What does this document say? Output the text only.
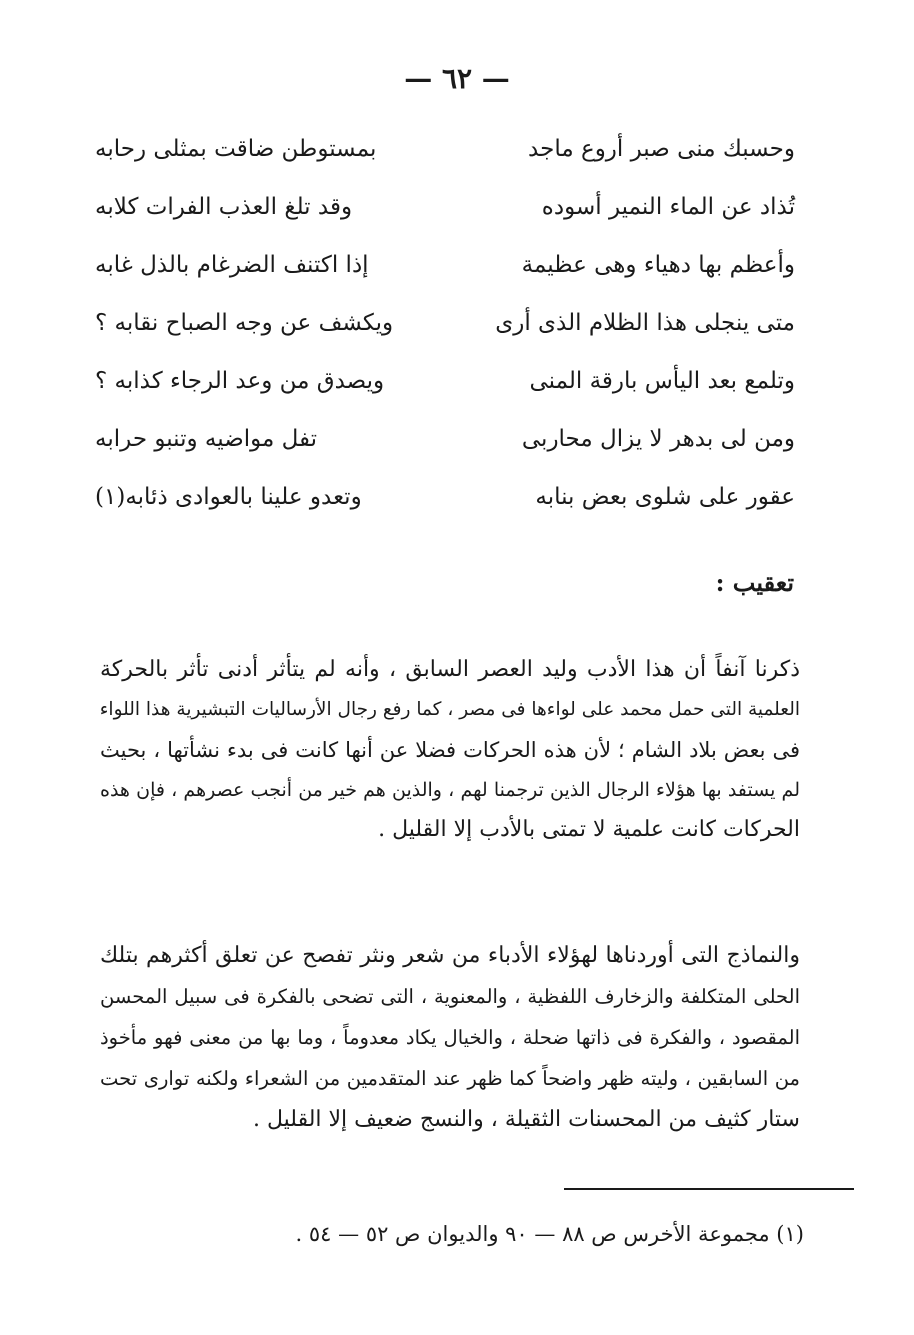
— ٦٢ —
وحسبك منى صبر أروع ماجد
بمستوطن ضاقت بمثلى رحابه
تُذاد عن الماء النمير أسوده
وقد تلغ العذب الفرات كلابه
وأعظم بها دهياء وهى عظيمة
إذا اكتنف الضرغام بالذل غابه
متى ينجلى هذا الظلام الذى أرى
ويكشف عن وجه الصباح نقابه ؟
وتلمع بعد اليأس بارقة المنى
ويصدق من وعد الرجاء كذابه ؟
ومن لى بدهر لا يزال محاربى
تفل مواضيه وتنبو حرابه
عقور على شلوى بعض بنابه
وتعدو علينا بالعوادى ذئابه(١)
تعقيب :
ذكرنا آنفاً أن هذا الأدب وليد العصر السابق ، وأنه لم يتأثر أدنى تأثر بالحركة
العلمية التى حمل محمد على لواءها فى مصر ، كما رفع رجال الأرساليات التبشيرية هذا اللواء
فى بعض بلاد الشام ؛ لأن هذه الحركات فضلا عن أنها كانت فى بدء نشأتها ، بحيث
لم يستفد بها هؤلاء الرجال الذين ترجمنا لهم ، والذين هم خير من أنجب عصرهم ، فإن هذه
الحركات كانت علمية لا تمتى بالأدب إلا القليل .
والنماذج التى أوردناها لهؤلاء الأدباء من شعر ونثر تفصح عن تعلق أكثرهم بتلك
الحلى المتكلفة والزخارف اللفظية ، والمعنوية ، التى تضحى بالفكرة فى سبيل المحسن
المقصود ، والفكرة فى ذاتها ضحلة ، والخيال يكاد معدوماً ، وما بها من معنى فهو مأخوذ
من السابقين ، وليته ظهر واضحاً كما ظهر عند المتقدمين من الشعراء ولكنه توارى تحت
ستار كثيف من المحسنات الثقيلة ، والنسج ضعيف إلا القليل .
(١) مجموعة الأخرس ص ٨٨ — ٩٠ والديوان ص ٥٢ — ٥٤ .
